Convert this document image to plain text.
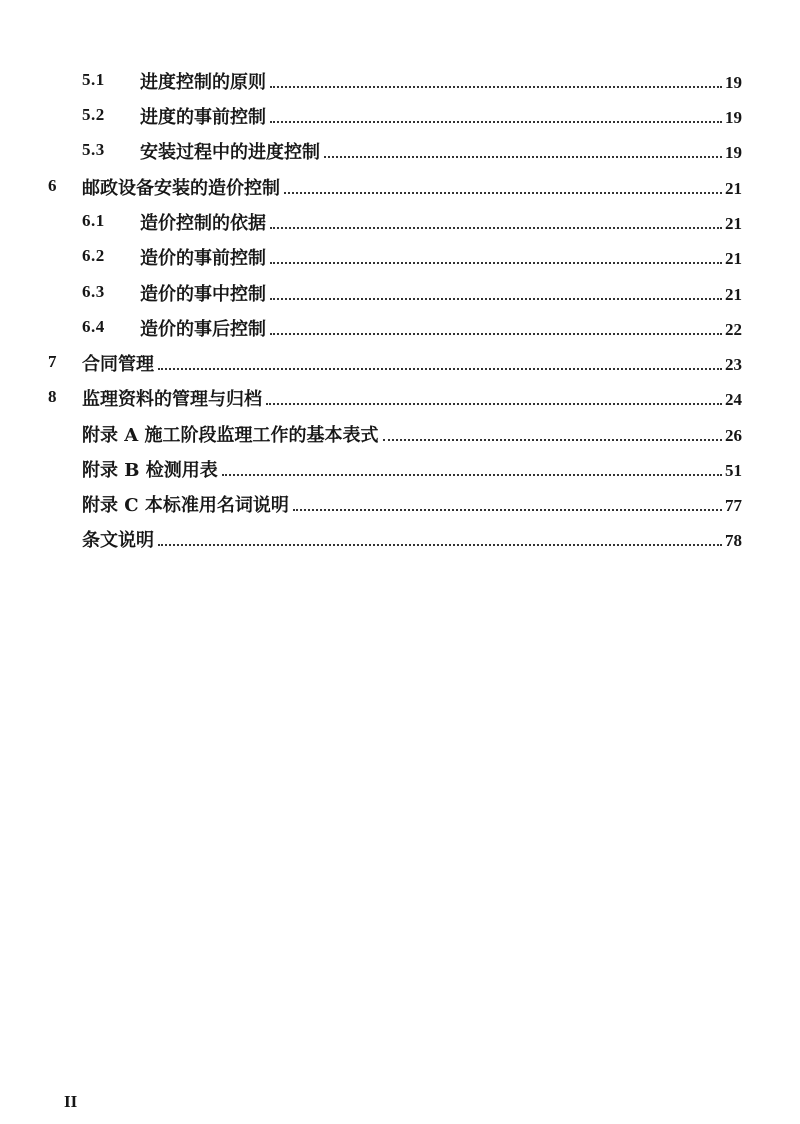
5.1 进度控制的原则	19
5.2 进度的事前控制	19
5.3 安装过程中的进度控制	19
6 邮政设备安装的造价控制	21
6.1 造价控制的依据	21
6.2 造价的事前控制	21
6.3 造价的事中控制	21
6.4 造价的事后控制	22
7 合同管理	23
8 监理资料的管理与归档	24
附录 A 施工阶段监理工作的基本表式	26
附录 B 检测用表	51
附录 C 本标准用名词说明	77
条文说明	78
II
